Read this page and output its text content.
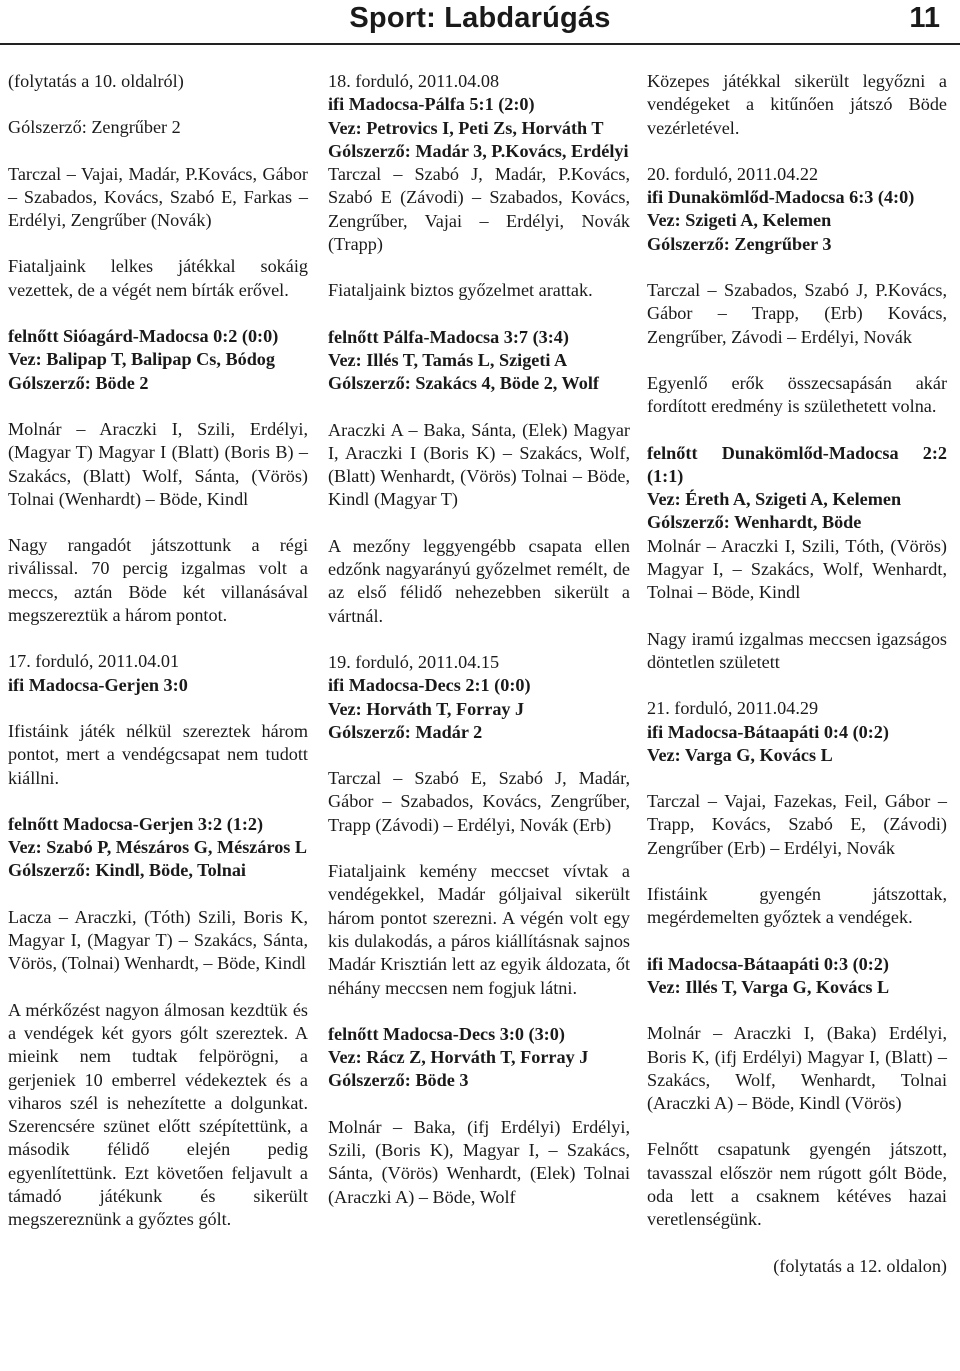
Sport: Labdarúgás	11

(folytatás a 10. oldalról)

Gólszerző: Zengrűber 2

Tarczal – Vajai, Madár, P.Kovács, Gábor – Szabados, Kovács, Szabó E, Farkas – Erdélyi, Zengrűber (Novák)

Fiataljaink lelkes játékkal sokáig vezettek, de a végét nem bírták erővel.

felnőtt Sióagárd-Madocsa 0:2 (0:0)

Vez: Balipap T, Balipap Cs, Bódog

Gólszerző: Böde 2

Molnár – Araczki I, Szili, Erdélyi, (Magyar T) Magyar I (Blatt) (Boris B) – Szakács, (Blatt) Wolf, Sánta, (Vörös) Tolnai (Wenhardt) – Böde, Kindl

Nagy rangadót játszottunk a régi riválissal. 70 percig izgalmas volt a meccs, aztán Böde két villanásával megszereztük a három pontot.

17. forduló, 2011.04.01

ifi Madocsa-Gerjen 3:0

Ifistáink játék nélkül szereztek három pontot, mert a vendégcsapat nem tudott kiállni.

felnőtt Madocsa-Gerjen 3:2 (1:2)

Vez: Szabó P, Mészáros G, Mészáros L

Gólszerző: Kindl, Böde, Tolnai

Lacza – Araczki, (Tóth) Szili, Boris K, Magyar I, (Magyar T) – Szakács, Sánta, Vörös, (Tolnai) Wenhardt, – Böde, Kindl

A mérkőzést nagyon álmosan kezdtük és a vendégek két gyors gólt szereztek. A mieink nem tudtak felpörögni, a gerjeniek 10 emberrel védekeztek és a viharos szél is nehezítette a dolgunkat. Szerencsére szünet előtt szépítettünk, a második félidő elején pedig egyenlítettünk. Ezt követően feljavult a támadó játékunk és sikerült megszereznünk a győztes gólt.

18. forduló, 2011.04.08

ifi Madocsa-Pálfa 5:1 (2:0)

Vez: Petrovics I, Peti Zs, Horváth T

Gólszerző: Madár 3, P.Kovács, Erdélyi

Tarczal – Szabó J, Madár, P.Kovács, Szabó E (Závodi) – Szabados, Kovács, Zengrűber, Vajai – Erdélyi, Novák (Trapp)

Fiataljaink biztos győzelmet arattak.

felnőtt Pálfa-Madocsa 3:7 (3:4)

Vez: Illés T, Tamás L, Szigeti A

Gólszerző: Szakács 4, Böde 2, Wolf

Araczki A – Baka, Sánta, (Elek) Magyar I, Araczki I (Boris K) – Szakács, Wolf, (Blatt) Wenhardt, (Vörös) Tolnai – Böde, Kindl (Magyar T)

A mezőny leggyengébb csapata ellen edzőnk nagyarányú győzelmet remélt, de az első félidő nehezebben sikerült a vártnál.

19. forduló, 2011.04.15

ifi Madocsa-Decs 2:1 (0:0)

Vez: Horváth T, Forray J

Gólszerző: Madár 2

Tarczal – Szabó E, Szabó J, Madár, Gábor – Szabados, Kovács, Zengrűber, Trapp (Závodi) – Erdélyi, Novák (Erb)

Fiataljaink kemény meccset vívtak a vendégekkel, Madár góljaival sikerült három pontot szerezni. A végén volt egy kis dulakodás, a páros kiállításnak sajnos Madár Krisztián lett az egyik áldozata, őt néhány meccsen nem fogjuk látni.

felnőtt Madocsa-Decs 3:0 (3:0)

Vez: Rácz Z, Horváth T, Forray J

Gólszerző: Böde 3

Molnár – Baka, (ifj Erdélyi) Erdélyi, Szili, (Boris K), Magyar I, – Szakács, Sánta, (Vörös) Wenhardt, (Elek) Tolnai (Araczki A) – Böde, Wolf

Közepes játékkal sikerült legyőzni a vendégeket a kitűnően játszó Böde vezérletével.

20. forduló, 2011.04.22

ifi Dunakömlőd-Madocsa 6:3 (4:0)

Vez: Szigeti A, Kelemen

Gólszerző: Zengrűber 3

Tarczal – Szabados, Szabó J, P.Kovács, Gábor – Trapp, (Erb) Kovács, Zengrűber, Závodi – Erdélyi, Novák

Egyenlő erők összecsapásán akár fordított eredmény is születhetett volna.

felnőtt Dunakömlőd-Madocsa 2:2 (1:1)

Vez: Éreth A, Szigeti A, Kelemen

Gólszerző: Wenhardt, Böde

Molnár – Araczki I, Szili, Tóth, (Vörös) Magyar I, – Szakács, Wolf, Wenhardt, Tolnai – Böde, Kindl

Nagy iramú izgalmas meccsen igazságos döntetlen született

21. forduló, 2011.04.29

ifi Madocsa-Bátaapáti 0:4 (0:2)

Vez: Varga G, Kovács L

Tarczal – Vajai, Fazekas, Feil, Gábor – Trapp, Kovács, Szabó E, (Závodi) Zengrűber (Erb) – Erdélyi, Novák

Ifistáink gyengén játszottak, megérdemelten győztek a vendégek.

ifi Madocsa-Bátaapáti 0:3 (0:2)

Vez: Illés T, Varga G, Kovács L

Molnár – Araczki I, (Baka) Erdélyi, Boris K, (ifj Erdélyi) Magyar I, (Blatt) – Szakács, Wolf, Wenhardt, Tolnai (Araczki A) – Böde, Kindl (Vörös)

Felnőtt csapatunk gyengén játszott, tavasszal először nem rúgott gólt Böde, oda lett a csaknem kétéves hazai veretlenségünk.

(folytatás a 12. oldalon)
